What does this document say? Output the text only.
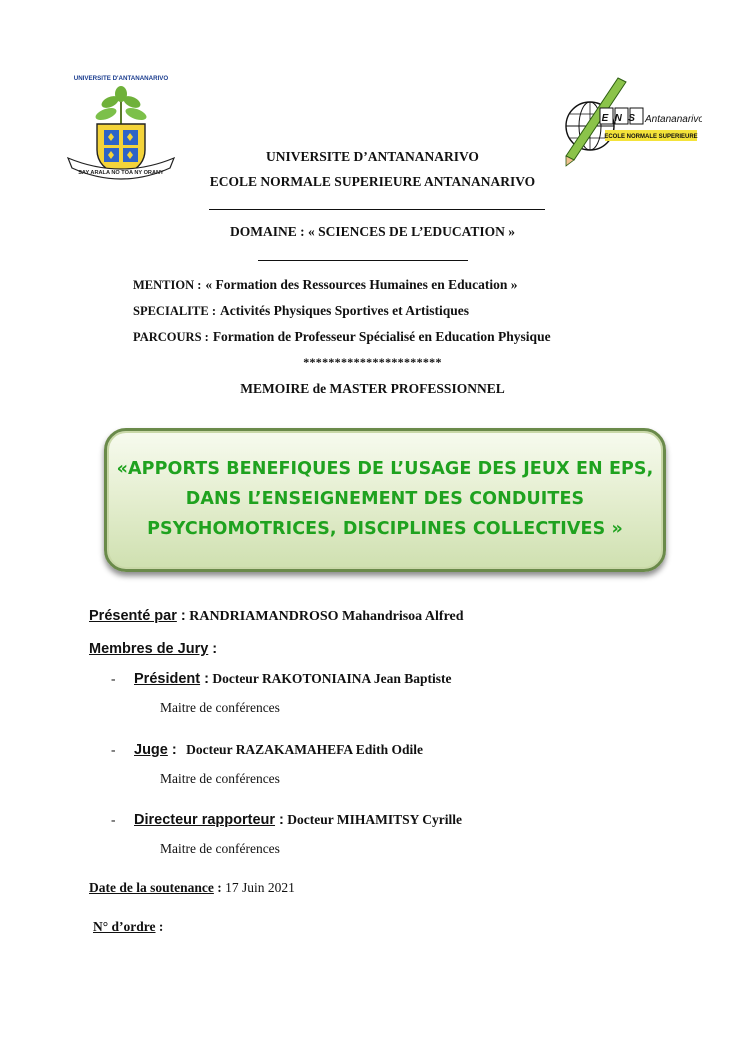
UNIVERSITE D'ANTANANARIVO
SAY ARALA NO TOA NY ORANY
ENS Antananarivo
ECOLE NORMALE SUPERIEURE
UNIVERSITE D’ANTANANARIVO
ECOLE NORMALE SUPERIEURE ANTANANARIVO
DOMAINE : « SCIENCES DE L’EDUCATION »
MENTION : « Formation des Ressources Humaines en Education »
SPECIALITE : Activités Physiques Sportives et Artistiques
PARCOURS : Formation de Professeur Spécialisé en Education Physique
**********************
MEMOIRE de MASTER PROFESSIONNEL
«APPORTS BENEFIQUES DE L’USAGE DES JEUX EN EPS,
DANS L’ENSEIGNEMENT DES CONDUITES
PSYCHOMOTRICES, DISCIPLINES COLLECTIVES »
Présenté par : RANDRIAMANDROSO Mahandrisoa Alfred
Membres de Jury :
- Président : Docteur RAKOTONIAINA Jean Baptiste
Maitre de conférences
- Juge : Docteur RAZAKAMAHEFA Edith Odile
Maitre de conférences
- Directeur rapporteur : Docteur MIHAMITSY Cyrille
Maitre de conférences
Date de la soutenance : 17 Juin 2021
N° d’ordre :
